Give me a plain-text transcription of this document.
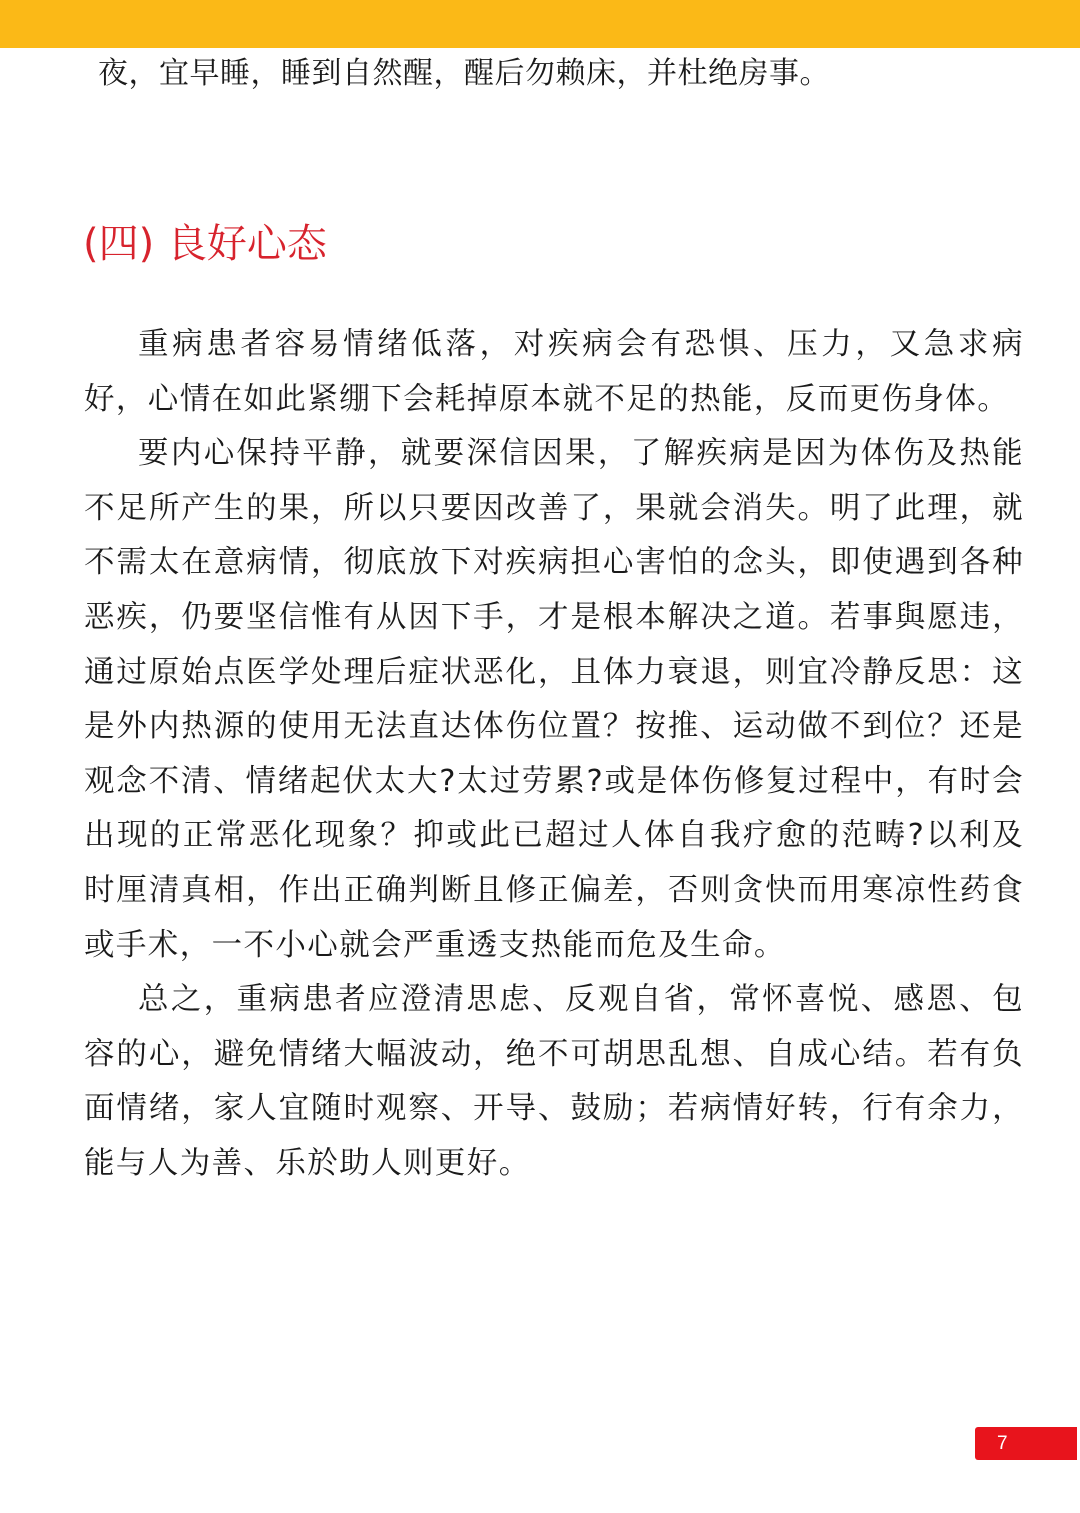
夜，宜早睡，睡到自然醒，醒后勿赖床，并杜绝房事。
(四) 良好心态

重病患者容易情绪低落，对疾病会有恐惧、压力，又急求病好，心情在如此紧绷下会耗掉原本就不足的热能，反而更伤身体。

要内心保持平静，就要深信因果，了解疾病是因为体伤及热能不足所产生的果，所以只要因改善了，果就会消失。明了此理，就不需太在意病情，彻底放下对疾病担心害怕的念头，即使遇到各种恶疾，仍要坚信惟有从因下手，才是根本解决之道。若事與愿违，通过原始点医学处理后症状恶化，且体力衰退，则宜冷静反思：这是外内热源的使用无法直达体伤位置？按推、运动做不到位？还是观念不清、情绪起伏太大?太过劳累?或是体伤修复过程中，有时会出现的正常恶化现象？抑或此已超过人体自我疗愈的范畴?以利及时厘清真相，作出正确判断且修正偏差，否则贪快而用寒凉性药食或手术，一不小心就会严重透支热能而危及生命。

总之，重病患者应澄清思虑、反观自省，常怀喜悦、感恩、包容的心，避免情绪大幅波动，绝不可胡思乱想、自成心结。若有负面情绪，家人宜随时观察、开导、鼓励；若病情好转，行有余力，能与人为善、乐於助人则更好。

7
